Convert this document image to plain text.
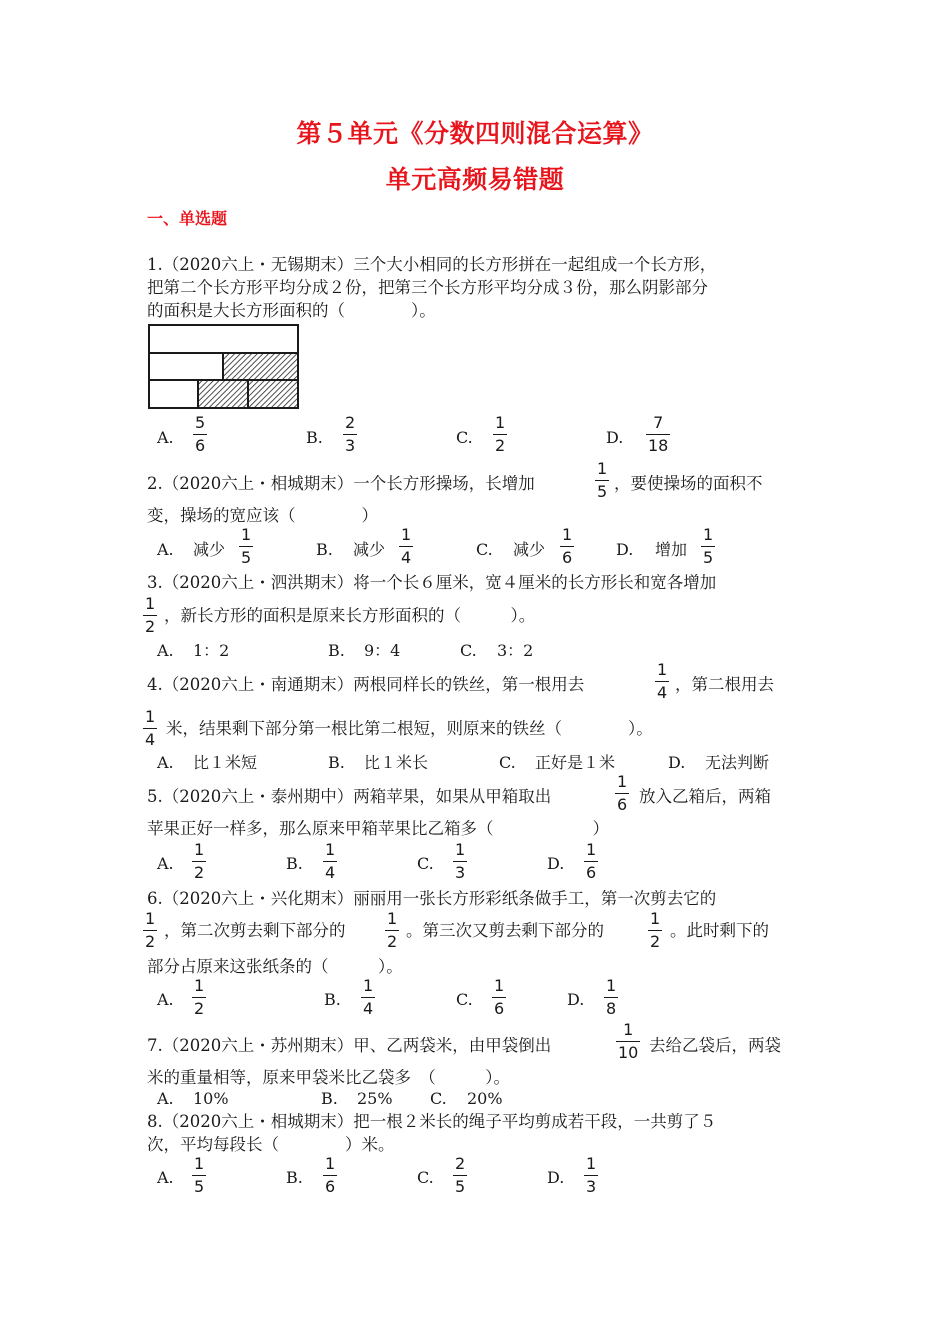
第５单元《分数四则混合运算》
单元高频易错题
一、单选题
1.（2020六上・无锡期末）三个大小相同的长方形拼在一起组成一个长方形，
把第二个长方形平均分成２份，把第三个长方形平均分成３份，那么阴影部分
的面积是大长方形面积的（　　　　）。
A.
5
6	B.
2
3	C.
1
2	D.
7
18
2.（2020六上・相城期末）一个长方形操场，长增加
1
5 ，要使操场的面积不
变，操场的宽应该（　　　　）
A. 减少
1
5	B. 减少
1
4	C. 减少
1
6	D. 增加
1
5
3.（2020六上・泗洪期末）将一个长６厘米，宽４厘米的长方形长和宽各增加
1
2
，新长方形的面积是原来长方形面积的（　　　）。
A. 1：2	B. 9：4	C. 3：2
4.（2020六上・南通期末）两根同样长的铁丝，第一根用去
1
4 ，第二根用去
1
4
米，结果剩下部分第一根比第二根短，则原来的铁丝（　　　　）。
A. 比１米短	B. 比１米长	C. 正好是１米	D. 无法判断
5.（2020六上・泰州期中）两箱苹果，如果从甲箱取出
1
6 放入乙箱后，两箱
苹果正好一样多，那么原来甲箱苹果比乙箱多（　　　　　　）
A.
1
2	B.
1
4	C.
1
3	D.
1
6
6.（2020六上・兴化期末）丽丽用一张长方形彩纸条做手工，第一次剪去它的
1
2
，第二次剪去剩下部分的
1
2
。第三次又剪去剩下部分的
1
2
。此时剩下的
部分占原来这张纸条的（　　　）。
A.
1
2	B.
1
4	C.
1
6	D.
1
8
7.（2020六上・苏州期末）甲、乙两袋米，由甲袋倒出
1
10 去给乙袋后，两袋
米的重量相等，原来甲袋米比乙袋多　（　　　）。
A. 10%	B. 25% C. 20%
8.（2020六上・相城期末）把一根２米长的绳子平均剪成若干段，一共剪了５
次，平均每段长（　　　　）米。
A.
1
5	B.
1
6	C.
2
5	D.
1
3
